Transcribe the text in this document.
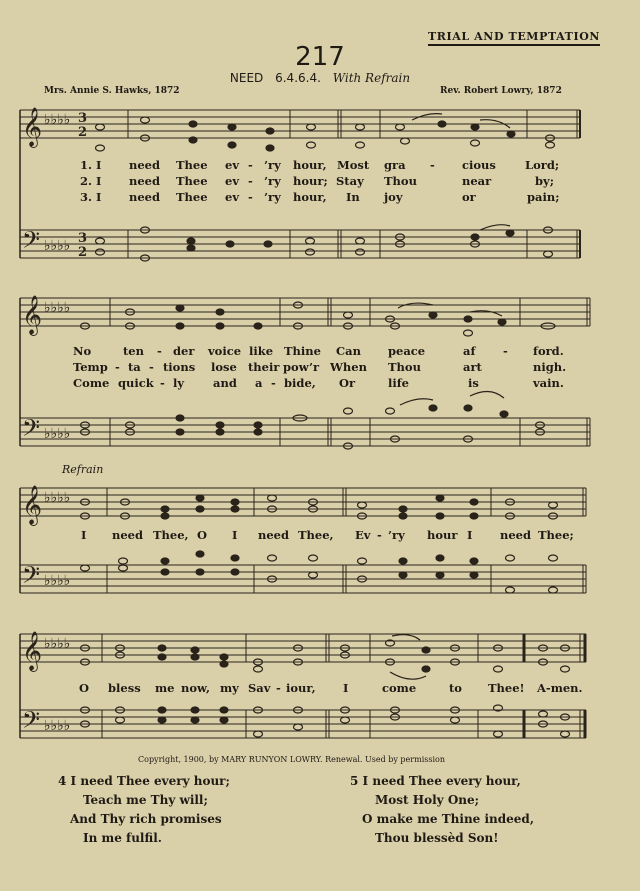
TRIAL AND TEMPTATION
217
NEED 6.4.6.4. With Refrain
Mrs. Annie S. Hawks, 1872	Rev. Robert Lowry, 1872
𝄞 ♭♭♭♭ 3
2
𝄢 ♭♭♭♭ 3
2
𝄞 ♭♭♭♭
𝄢 ♭♭♭♭
𝄞 ♭♭♭♭
𝄢 ♭♭♭♭
𝄞 ♭♭♭♭
𝄢 ♭♭♭♭
1. I need Thee ev - ’ry hour, Most gra - cious	Lord;
2. I need Thee ev - ’ry hour; Stay Thou	near	by;
3. I need Thee ev - ’ry hour, In joy	or	pain;
No	ten - der voice like Thine Can peace	af - ford.
Temp - ta - tions lose their pow’r When Thou	art	nigh.
Come quick - ly	and a - bide, Or	life	is	vain.
Refrain
I need Thee, O I need Thee, Ev - ’ry hour I need Thee;
O bless me now, my Sav - iour, I	come	to Thee! A-men.
Copyright, 1900, by MARY RUNYON LOWRY. Renewal. Used by permission
4 I need Thee every hour;
Teach me Thy will;
And Thy rich promises
In me fulfil.
5 I need Thee every hour,
Most Holy One;
O make me Thine indeed,
Thou blessèd Son!
